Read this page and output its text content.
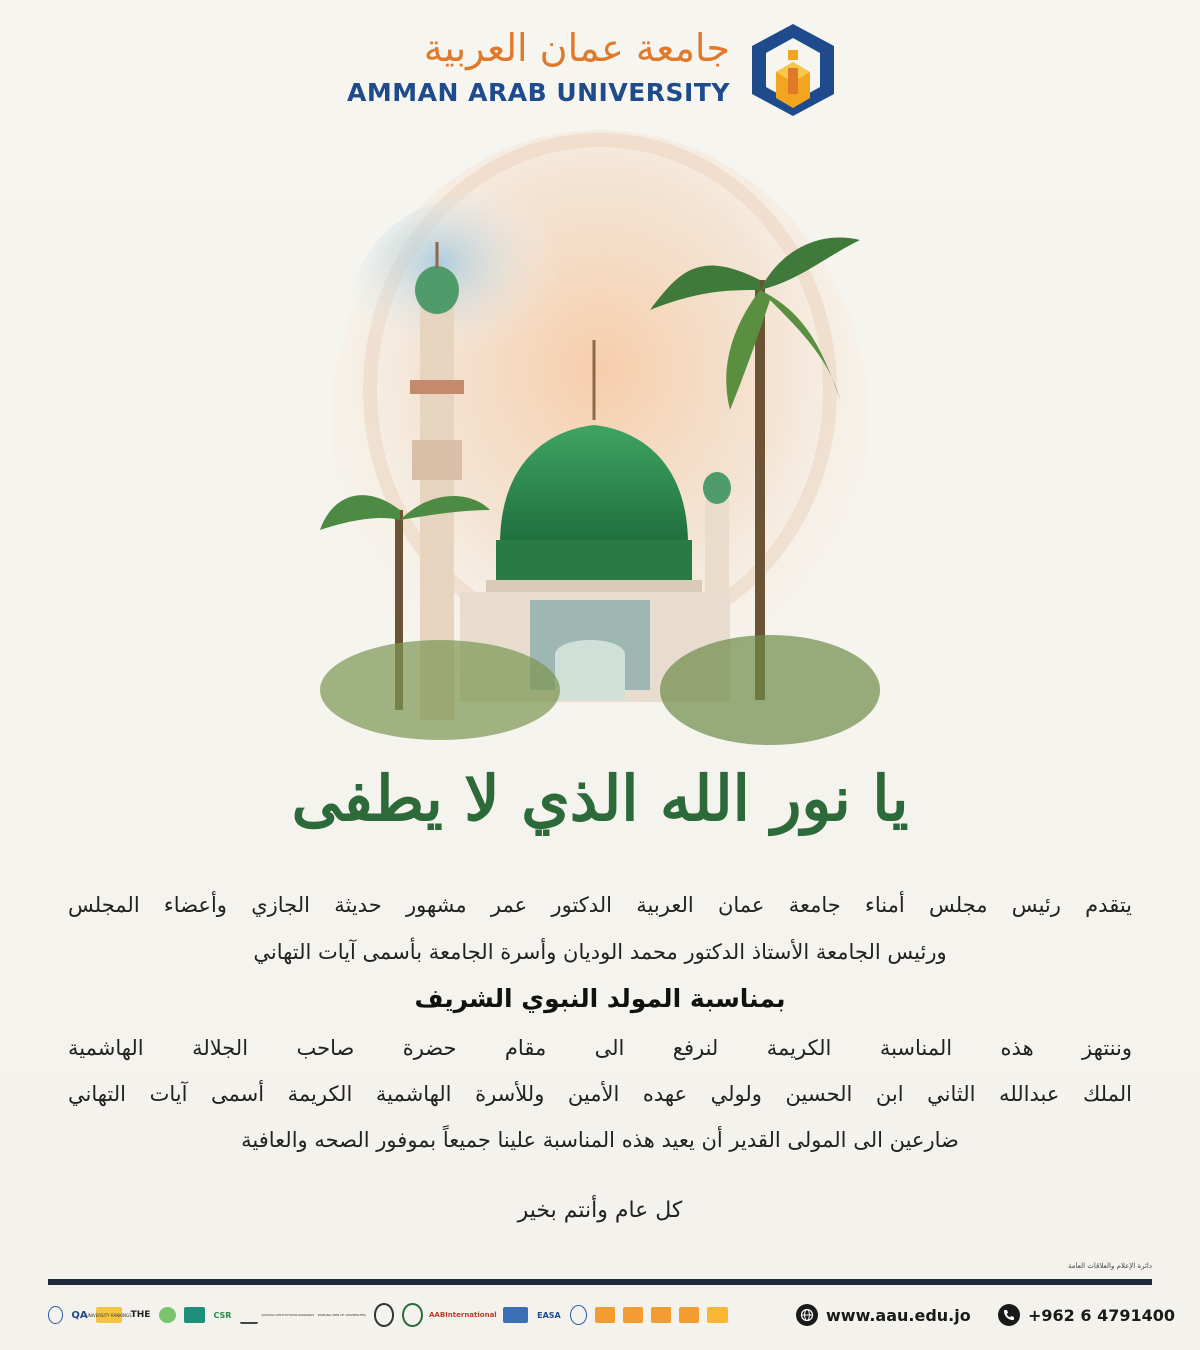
جامعة عمان العربية
AMMAN ARAB UNIVERSITY
يا نور الله الذي لا يطفى
يتقدم رئيس مجلس أمناء جامعة عمان العربية الدكتور عمر مشهور حديثة الجازي وأعضاء المجلس
ورئيس الجامعة الأستاذ الدكتور محمد الوديان وأسرة الجامعة بأسمى آيات التهاني
بمناسبة المولد النبوي الشريف
وننتهز هذه المناسبة الكريمة لنرفع الى مقام حضرة صاحب الجلالة الهاشمية
الملك عبدالله الثاني ابن الحسين ولولي عهده الأمين وللأسرة الهاشمية الكريمة أسمى آيات التهاني
ضارعين الى المولى القدير أن يعيد هذه المناسبة علينا جميعاً بموفور الصحه والعافية
كل عام وأنتم بخير
دائرة الإعلام والعلاقات العامة
QA
UNIVERSITY RANKINGS
THE	CSR	SCIMAGO INSTITUTIONS RANKINGS RANKING WEB OF UNIVERSITIES	AABInternational	EASA	www.aau.edu.jo	+962 6 4791400
